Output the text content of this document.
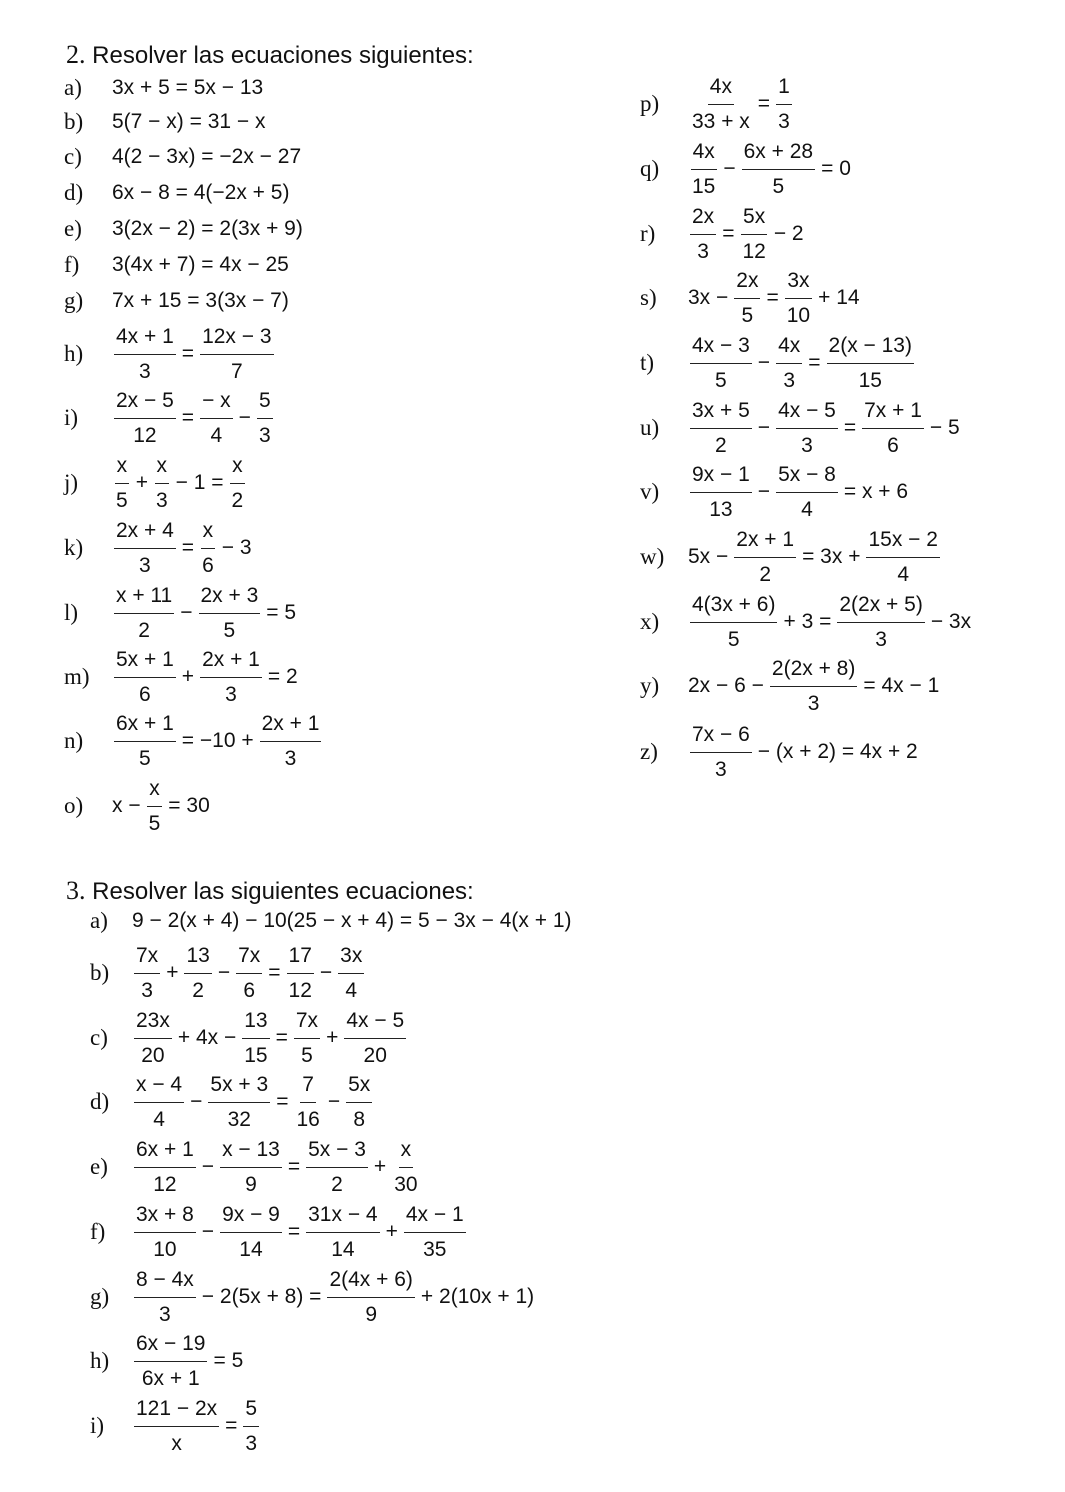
2. Resolver las ecuaciones siguientes:
3. Resolver las siguientes ecuaciones:
a)	3x + 5 = 5x − 13
b)	5(7 − x) = 31 − x
c)	4(2 − 3x) = −2x − 27
d)	6x − 8 = 4(−2x + 5)
e)	3(2x − 2) = 2(3x + 9)
f)	3(4x + 7) = 4x − 25
g)	7x + 15 = 3(3x − 7)
h)	$\frac{4x + 1}{3} = \frac{12x - 3}{7}$
i)	$\frac{2x - 5}{12} = \frac{- x}{4} - \frac{5}{3}$
j)	$\frac{x}{5} + \frac{x}{3} - 1 = \frac{x}{2}$
k)	$\frac{2x + 4}{3} = \frac{x}{6} - 3$
l)	$\frac{x + 11}{2} - \frac{2x + 3}{5} = 5$
$m) \frac{5x + 1}{6} + \frac{2x + 1}{3} = 2$
n)	$\frac{6x + 1}{5} = -10 + \frac{2x + 1}{3}$
o)	$x - \frac{x}{5} = 30$
p)	$\frac{4x}{33 + x} = \frac{1}{3}$
q)	$\frac{4x}{15} - \frac{6x + 28}{5} = 0$
r)	$\frac{2x}{3} = \frac{5x}{12} - 2$
s)	$3x - \frac{2x}{5} = \frac{3x}{10} + 14$
t)	$\frac{4x - 3}{5} - \frac{4x}{3} = \frac{2(x - 13)}{15}$
u)	$\frac{3x + 5}{2} - \frac{4x - 5}{3} = \frac{7x + 1}{6} - 5$
v)	$\frac{9x - 1}{13} - \frac{5x - 8}{4} = x + 6$
w)	$5x - \frac{2x + 1}{2} = 3x + \frac{15x - 2}{4}$
x)	$\frac{4(3x + 6)}{5} + 3 = \frac{2(2x + 5)}{3} - 3x$
y)	$2x - 6 - \frac{2(2x + 8)}{3} = 4x - 1$
z)	$\frac{7x - 6}{3} - (x + 2) = 4x + 2$
a)	9 − 2(x + 4) − 10(25 − x + 4) = 5 − 3x − 4(x + 1)
$b) \frac{7x}{3} + \frac{13}{2} - \frac{7x}{6} = \frac{17}{12} - \frac{3x}{4}$
c)	$\frac{23x}{20} + 4x - \frac{13}{15} = \frac{7x}{5} + \frac{4x - 5}{20}$
$d) \frac{x - 4}{4} - \frac{5x + 3}{32} = \frac{7}{16} - \frac{5x}{8}$
e)	$\frac{6x + 1}{12} - \frac{x - 13}{9} = \frac{5x - 3}{2} + \frac{x}{30}$
f)	$\frac{3x + 8}{10} - \frac{9x - 9}{14} = \frac{31x - 4}{14} + \frac{4x - 1}{35}$
$g) \frac{8 - 4x}{3} - 2(5x + 8) = \frac{2(4x + 6)}{9} + 2(10x + 1)$
$h) \frac{6x - 19}{6x + 1} = 5$
i)	$\frac{121 - 2x}{x} = \frac{5}{3}$
